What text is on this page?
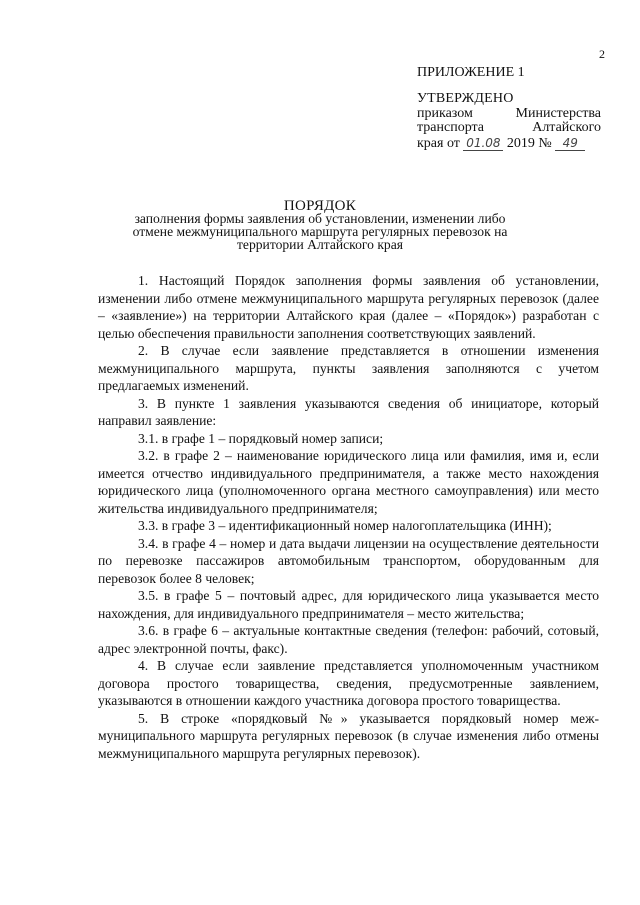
2
ПРИЛОЖЕНИЕ 1
УТВЕРЖДЕНО
приказом	Министерства
транспорта	Алтайского
края от 01.08 2019 № 49
ПОРЯДОК
заполнения формы заявления об установлении, изменении либо отмене межмуниципального маршрута регулярных перевозок на территории Алтайского края

1. Настоящий Порядок заполнения формы заявления об установлении, изменении либо отмене межмуниципального маршрута регулярных перевозок (далее – «заявление») на территории Алтайского края (далее – «Порядок») разработан с целью обеспечения правильности заполнения соответствующих заявлений.

2. В случае если заявление представляется в отношении изменения межмуниципального маршрута, пункты заявления заполняются с учетом предлагаемых изменений.

3. В пункте 1 заявления указываются сведения об инициаторе, который направил заявление:

3.1. в графе 1 – порядковый номер записи;

3.2. в графе 2 – наименование юридического лица или фамилия, имя и, если имеется отчество индивидуального предпринимателя, а также место нахождения юридического лица (уполномоченного органа местного самоуправления) или место жительства индивидуального предпринимателя;

3.3. в графе 3 – идентификационный номер налогоплательщика (ИНН);

3.4. в графе 4 – номер и дата выдачи лицензии на осуществление деятельности по перевозке пассажиров автомобильным транспортом, оборудованным для перевозок более 8 человек;

3.5. в графе 5 – почтовый адрес, для юридического лица указывается место нахождения, для индивидуального предпринимателя – место жительства;

3.6. в графе 6 – актуальные контактные сведения (телефон: рабочий, сотовый, адрес электронной почты, факс).

4. В случае если заявление представляется уполномоченным участником договора простого товарищества, сведения, предусмотренные заявлением, указываются в отношении каждого участника договора простого товарищества.

5. В строке «порядковый №» указывается порядковый номер меж-муниципального маршрута регулярных перевозок (в случае изменения либо отмены межмуниципального маршрута регулярных перевозок).
